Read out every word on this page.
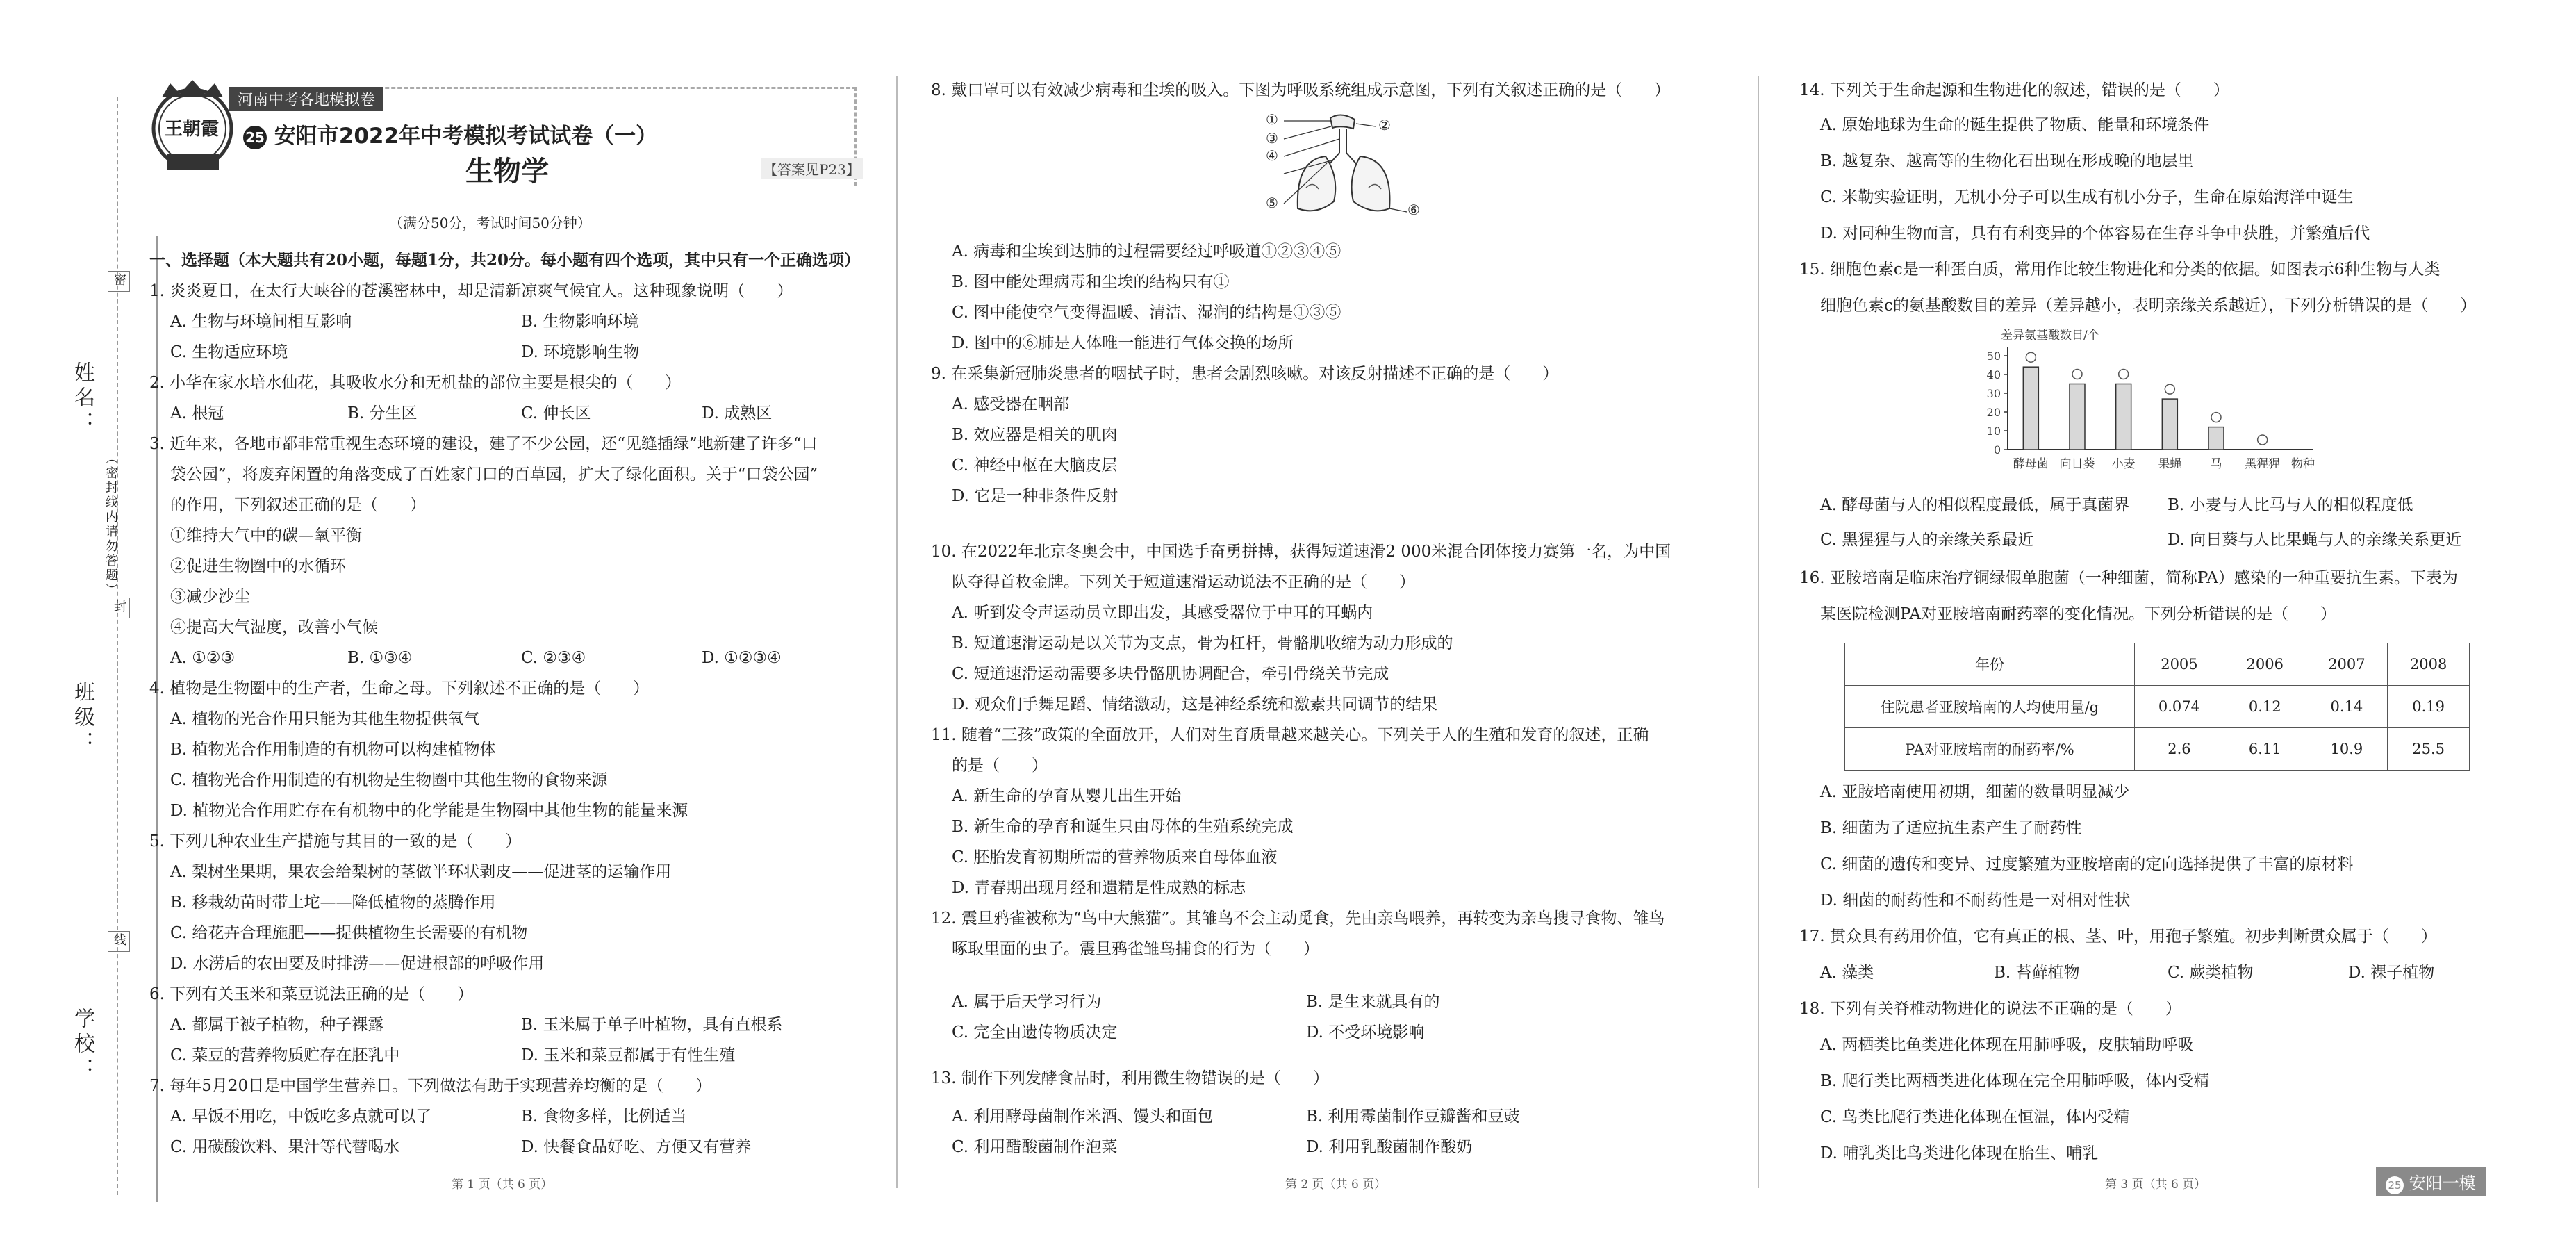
姓名：
班级：
学校：
（密封线内请勿答题）
密
封
线
王朝霞
河南中考各地模拟卷
25 安阳市2022年中考模拟考试试卷（一）
生物学	【答案见P23】
（满分50分，考试时间50分钟）
一、选择题（本大题共有20小题，每题1分，共20分。每小题有四个选项，其中只有一个正确选项）
1. 炎炎夏日，在太行大峡谷的苍溪密林中，却是清新凉爽气候宜人。这种现象说明（　　）
A. 生物与环境间相互影响	B. 生物影响环境
C. 生物适应环境	D. 环境影响生物
2. 小华在家水培水仙花，其吸收水分和无机盐的部位主要是根尖的（　　）
A. 根冠	B. 分生区	C. 伸长区	D. 成熟区
3. 近年来，各地市都非常重视生态环境的建设，建了不少公园，还“见缝插绿”地新建了许多“口
袋公园”，将废弃闲置的角落变成了百姓家门口的百草园，扩大了绿化面积。关于“口袋公园”
的作用，下列叙述正确的是（　　）
①维持大气中的碳—氧平衡
②促进生物圈中的水循环
③减少沙尘
④提高大气湿度，改善小气候
A. ①②③	B. ①③④	C. ②③④	D. ①②③④
4. 植物是生物圈中的生产者，生命之母。下列叙述不正确的是（　　）
A. 植物的光合作用只能为其他生物提供氧气
B. 植物光合作用制造的有机物可以构建植物体
C. 植物光合作用制造的有机物是生物圈中其他生物的食物来源
D. 植物光合作用贮存在有机物中的化学能是生物圈中其他生物的能量来源
5. 下列几种农业生产措施与其目的一致的是（　　）
A. 梨树坐果期，果农会给梨树的茎做半环状剥皮——促进茎的运输作用
B. 移栽幼苗时带土坨——降低植物的蒸腾作用
C. 给花卉合理施肥——提供植物生长需要的有机物
D. 水涝后的农田要及时排涝——促进根部的呼吸作用
6. 下列有关玉米和菜豆说法正确的是（　　）
A. 都属于被子植物，种子裸露	B. 玉米属于单子叶植物，具有直根系
C. 菜豆的营养物质贮存在胚乳中	D. 玉米和菜豆都属于有性生殖
7. 每年5月20日是中国学生营养日。下列做法有助于实现营养均衡的是（　　）
A. 早饭不用吃，中饭吃多点就可以了	B. 食物多样，比例适当
C. 用碳酸饮料、果汁等代替喝水	D. 快餐食品好吃、方便又有营养
第 1 页（共 6 页）
8. 戴口罩可以有效减少病毒和尘埃的吸入。下图为呼吸系统组成示意图，下列有关叙述正确的是（　　）
①	②
③
④
⑤	⑥
A. 病毒和尘埃到达肺的过程需要经过呼吸道①②③④⑤
B. 图中能处理病毒和尘埃的结构只有①
C. 图中能使空气变得温暖、清洁、湿润的结构是①③⑤
D. 图中的⑥肺是人体唯一能进行气体交换的场所
9. 在采集新冠肺炎患者的咽拭子时，患者会剧烈咳嗽。对该反射描述不正确的是（　　）
A. 感受器在咽部
B. 效应器是相关的肌肉
C. 神经中枢在大脑皮层
D. 它是一种非条件反射
10. 在2022年北京冬奥会中，中国选手奋勇拼搏，获得短道速滑2 000米混合团体接力赛第一名，为中国
队夺得首枚金牌。下列关于短道速滑运动说法不正确的是（　　）
A. 听到发令声运动员立即出发，其感受器位于中耳的耳蜗内
B. 短道速滑运动是以关节为支点，骨为杠杆，骨骼肌收缩为动力形成的
C. 短道速滑运动需要多块骨骼肌协调配合，牵引骨绕关节完成
D. 观众们手舞足蹈、情绪激动，这是神经系统和激素共同调节的结果
11. 随着“三孩”政策的全面放开，人们对生育质量越来越关心。下列关于人的生殖和发育的叙述，正确
的是（　　）
A. 新生命的孕育从婴儿出生开始
B. 新生命的孕育和诞生只由母体的生殖系统完成
C. 胚胎发育初期所需的营养物质来自母体血液
D. 青春期出现月经和遗精是性成熟的标志
12. 震旦鸦雀被称为“鸟中大熊猫”。其雏鸟不会主动觅食，先由亲鸟喂养，再转变为亲鸟搜寻食物、雏鸟
啄取里面的虫子。震旦鸦雀雏鸟捕食的行为（　　）
A. 属于后天学习行为	B. 是生来就具有的
C. 完全由遗传物质决定	D. 不受环境影响
13. 制作下列发酵食品时，利用微生物错误的是（　　）
A. 利用酵母菌制作米酒、馒头和面包	B. 利用霉菌制作豆瓣酱和豆豉
C. 利用醋酸菌制作泡菜	D. 利用乳酸菌制作酸奶
第 2 页（共 6 页）
14. 下列关于生命起源和生物进化的叙述，错误的是（　　）
A. 原始地球为生命的诞生提供了物质、能量和环境条件
B. 越复杂、越高等的生物化石出现在形成晚的地层里
C. 米勒实验证明，无机小分子可以生成有机小分子，生命在原始海洋中诞生
D. 对同种生物而言，具有有利变异的个体容易在生存斗争中获胜，并繁殖后代
15. 细胞色素c是一种蛋白质，常用作比较生物进化和分类的依据。如图表示6种生物与人类
细胞色素c的氨基酸数目的差异（差异越小，表明亲缘关系越近），下列分析错误的是（　　）
差异氨基酸数目/个
物种
0
10
20
30
40
50
酵母菌 向日葵 小麦 果蝇 马 黑猩猩
A. 酵母菌与人的相似程度最低，属于真菌界 B. 小麦与人比马与人的相似程度低
C. 黑猩猩与人的亲缘关系最近	D. 向日葵与人比果蝇与人的亲缘关系更近
16. 亚胺培南是临床治疗铜绿假单胞菌（一种细菌，简称PA）感染的一种重要抗生素。下表为
某医院检测PA对亚胺培南耐药率的变化情况。下列分析错误的是（　　）
年份	2005	2006	2007	2008
住院患者亚胺培南的人均使用量/g	0.074	0.12	0.14	0.19
PA对亚胺培南的耐药率/%	2.6	6.11	10.9	25.5
A. 亚胺培南使用初期，细菌的数量明显减少
B. 细菌为了适应抗生素产生了耐药性
C. 细菌的遗传和变异、过度繁殖为亚胺培南的定向选择提供了丰富的原材料
D. 细菌的耐药性和不耐药性是一对相对性状
17. 贯众具有药用价值，它有真正的根、茎、叶，用孢子繁殖。初步判断贯众属于（　　）
A. 藻类	B. 苔藓植物	C. 蕨类植物	D. 裸子植物
18. 下列有关脊椎动物进化的说法不正确的是（　　）
A. 两栖类比鱼类进化体现在用肺呼吸，皮肤辅助呼吸
B. 爬行类比两栖类进化体现在完全用肺呼吸，体内受精
C. 鸟类比爬行类进化体现在恒温，体内受精
D. 哺乳类比鸟类进化体现在胎生、哺乳
第 3 页（共 6 页）	25 安阳一模
